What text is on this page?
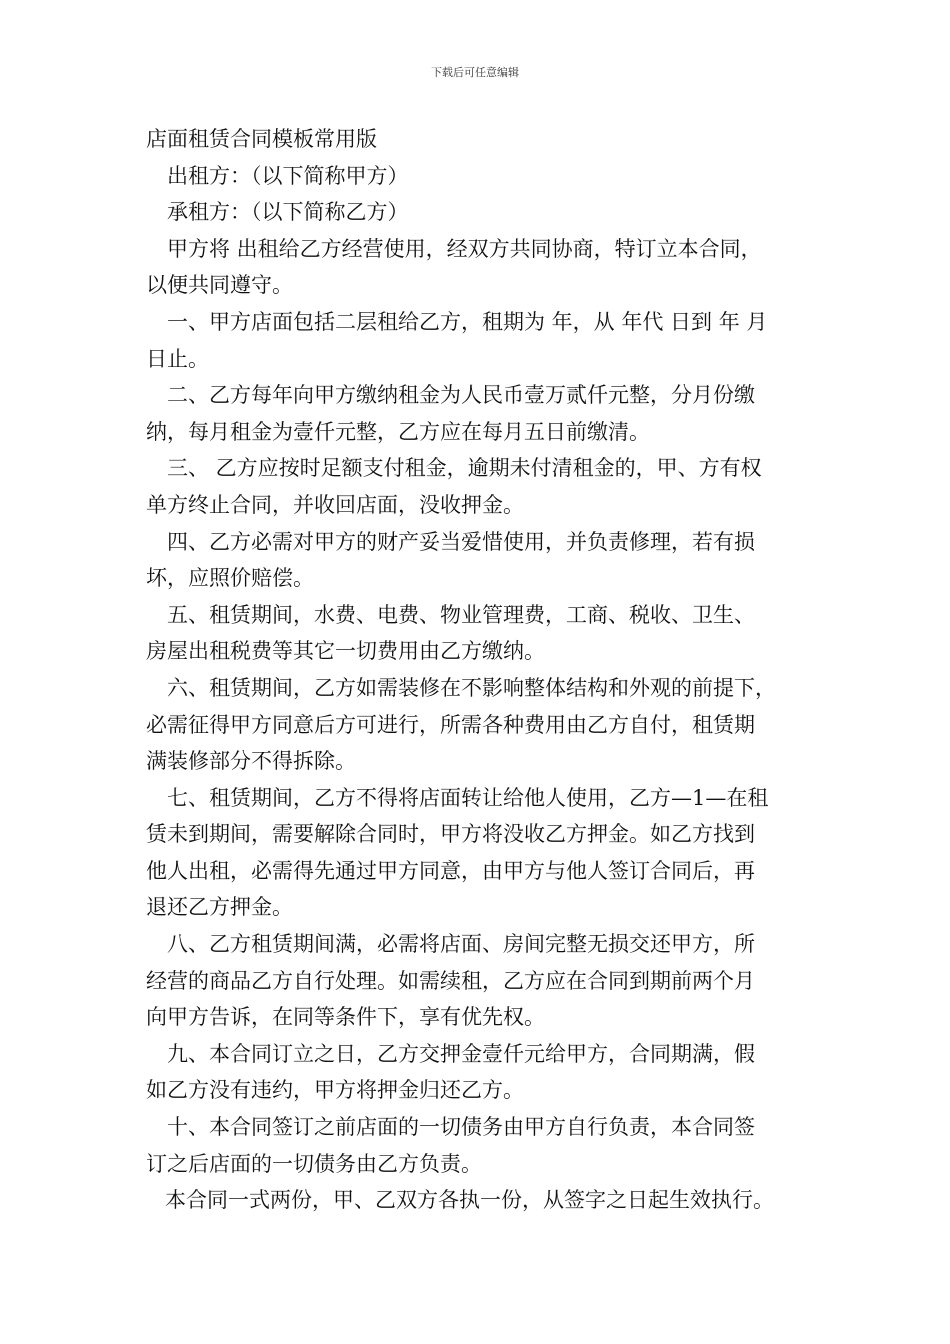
下载后可任意编辑
店面租赁合同模板常用版
出租方：（以下简称甲方）
承租方：（以下简称乙方）
甲方将 出租给乙方经营使用，经双方共同协商，特订立本合同，
以便共同遵守。
一、甲方店面包括二层租给乙方，租期为 年，从 年代 日到 年 月
日止。
二、乙方每年向甲方缴纳租金为人民币壹万贰仟元整，分月份缴
纳，每月租金为壹仟元整，乙方应在每月五日前缴清。
三、 乙方应按时足额支付租金，逾期未付清租金的，甲、方有权
单方终止合同，并收回店面，没收押金。
四、乙方必需对甲方的财产妥当爱惜使用，并负责修理，若有损
坏，应照价赔偿。
五、租赁期间，水费、电费、物业管理费，工商、税收、卫生、
房屋出租税费等其它一切费用由乙方缴纳。
六、租赁期间，乙方如需装修在不影响整体结构和外观的前提下，
必需征得甲方同意后方可进行，所需各种费用由乙方自付，租赁期
满装修部分不得拆除。
七、租赁期间，乙方不得将店面转让给他人使用，乙方—1—在租
赁未到期间，需要解除合同时，甲方将没收乙方押金。如乙方找到
他人出租，必需得先通过甲方同意，由甲方与他人签订合同后，再
退还乙方押金。
八、乙方租赁期间满，必需将店面、房间完整无损交还甲方，所
经营的商品乙方自行处理。如需续租，乙方应在合同到期前两个月
向甲方告诉，在同等条件下，享有优先权。
九、本合同订立之日，乙方交押金壹仟元给甲方，合同期满，假
如乙方没有违约，甲方将押金归还乙方。
十、本合同签订之前店面的一切债务由甲方自行负责，本合同签
订之后店面的一切债务由乙方负责。
本合同一式两份，甲、乙双方各执一份，从签字之日起生效执行。
